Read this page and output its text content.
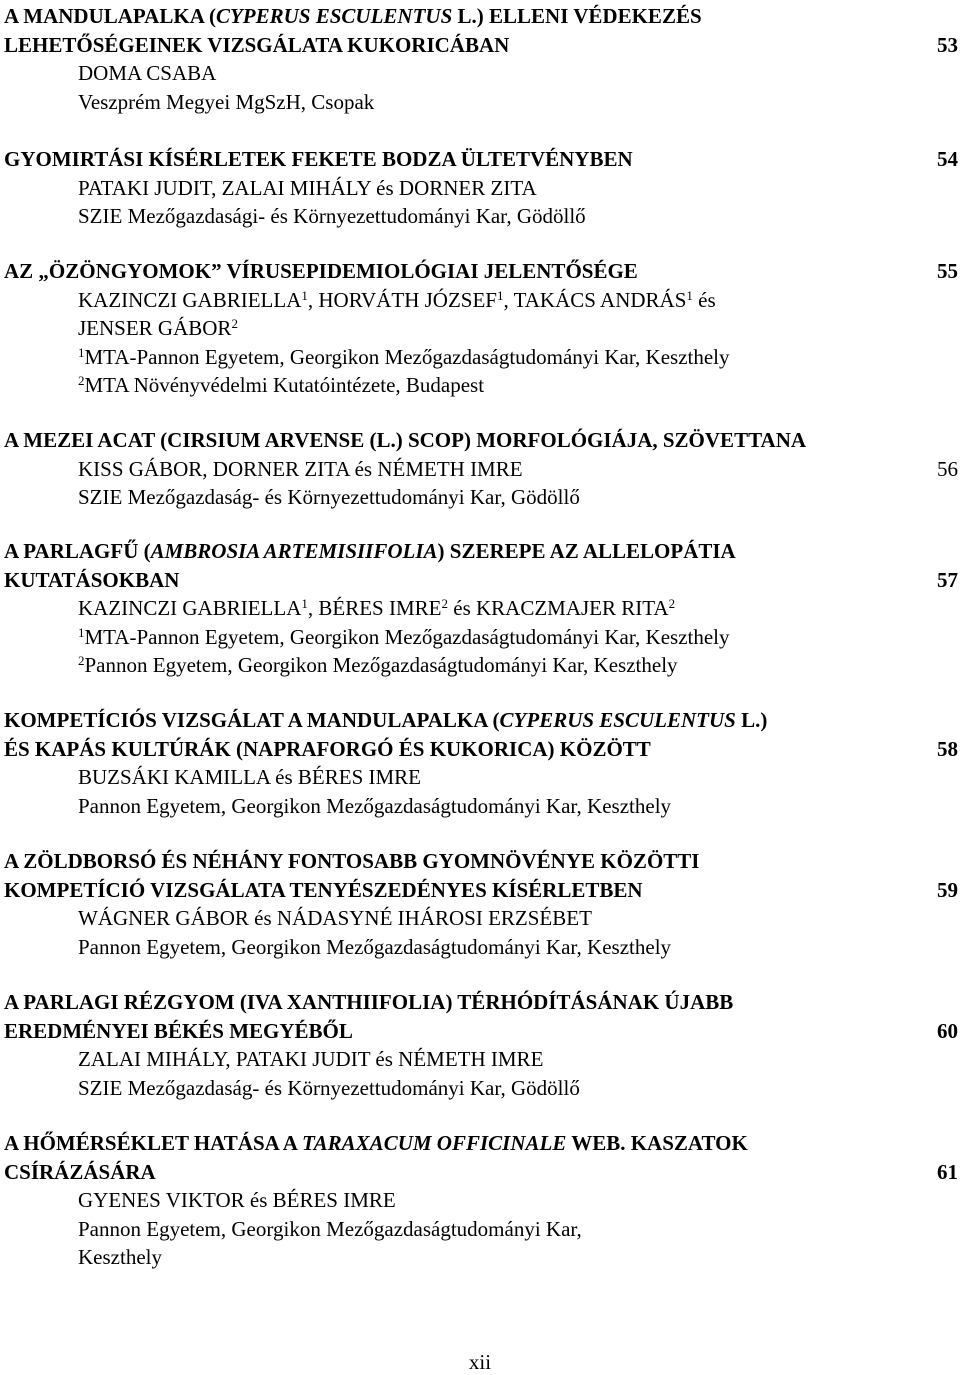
A MANDULAPALKA (CYPERUS ESCULENTUS L.) ELLENI VÉDEKEZÉS
LEHETŐSÉGEINEK VIZSGÁLATA KUKORICÁBAN	53
DOMA CSABA
Veszprém Megyei MgSzH, Csopak
GYOMIRTÁSI KÍSÉRLETEK FEKETE BODZA ÜLTETVÉNYBEN	54
PATAKI JUDIT, ZALAI MIHÁLY és DORNER ZITA
SZIE Mezőgazdasági- és Környezettudományi Kar, Gödöllő
AZ „ÖZÖNGYOMOK” VÍRUSEPIDEMIOLÓGIAI JELENTŐSÉGE	55
KAZINCZI GABRIELLA$^1$, HORVÁTH JÓZSEF$^1$, TAKÁCS ANDRÁS$^1$ és
JENSER GÁBOR$^2$
$^1$MTA-Pannon Egyetem, Georgikon Mezőgazdaságtudományi Kar, Keszthely
$^2$MTA Növényvédelmi Kutatóintézete, Budapest
A MEZEI ACAT (CIRSIUM ARVENSE (L.) SCOP) MORFOLÓGIÁJA, SZÖVETTANA
KISS GÁBOR, DORNER ZITA és NÉMETH IMRE	56
SZIE Mezőgazdaság- és Környezettudományi Kar, Gödöllő
A PARLAGFŰ (AMBROSIA ARTEMISIIFOLIA) SZEREPE AZ ALLELOPÁTIA
KUTATÁSOKBAN	57
KAZINCZI GABRIELLA$^1$, BÉRES IMRE$^2$ és KRACZMAJER RITA$^2$
$^1$MTA-Pannon Egyetem, Georgikon Mezőgazdaságtudományi Kar, Keszthely
$^2$Pannon Egyetem, Georgikon Mezőgazdaságtudományi Kar, Keszthely
KOMPETÍCIÓS VIZSGÁLAT A MANDULAPALKA (CYPERUS ESCULENTUS L.)
ÉS KAPÁS KULTÚRÁK (NAPRAFORGÓ ÉS KUKORICA) KÖZÖTT	58
BUZSÁKI KAMILLA és BÉRES IMRE
Pannon Egyetem, Georgikon Mezőgazdaságtudományi Kar, Keszthely
A ZÖLDBORSÓ ÉS NÉHÁNY FONTOSABB GYOMNÖVÉNYE KÖZÖTTI
KOMPETÍCIÓ VIZSGÁLATA TENYÉSZEDÉNYES KÍSÉRLETBEN	59
WÁGNER GÁBOR és NÁDASYNÉ IHÁROSI ERZSÉBET
Pannon Egyetem, Georgikon Mezőgazdaságtudományi Kar, Keszthely
A PARLAGI RÉZGYOM (IVA XANTHIIFOLIA) TÉRHÓDÍTÁSÁNAK ÚJABB
EREDMÉNYEI BÉKÉS MEGYÉBŐL	60
ZALAI MIHÁLY, PATAKI JUDIT és NÉMETH IMRE
SZIE Mezőgazdaság- és Környezettudományi Kar, Gödöllő
A HŐMÉRSÉKLET HATÁSA A TARAXACUM OFFICINALE WEB. KASZATOK
CSÍRÁZÁSÁRA	61
GYENES VIKTOR és BÉRES IMRE
Pannon Egyetem, Georgikon Mezőgazdaságtudományi Kar,
Keszthely
xii
